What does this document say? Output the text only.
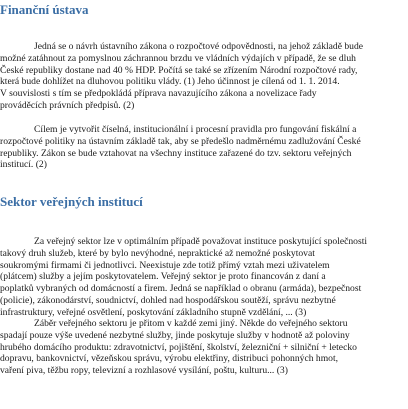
Finanční ústava
Jedná se o návrh ústavního zákona o rozpočtové odpovědnosti, na jehož základě bude
možné zatáhnout za pomyslnou záchrannou brzdu ve vládních výdajích v případě, že se dluh
České republiky dostane nad 40 % HDP. Počítá se také se zřízením Národní rozpočtové rady,
která bude dohlížet na dluhovou politiku vlády. (1) Jeho účinnost je cílená od 1. 1. 2014.
V souvislosti s tím se předpokládá příprava navazujícího zákona a novelizace řady
prováděcích právních předpisů. (2)
Cílem je vytvořit číselná, institucionální i procesní pravidla pro fungování fiskální a
rozpočtové politiky na ústavním základě tak, aby se předešlo nadměrnému zadlužování České
republiky. Zákon se bude vztahovat na všechny instituce zařazené do tzv. sektoru veřejných
institucí. (2)
Sektor veřejných institucí
Za veřejný sektor lze v optimálním případě považovat instituce poskytující společnosti
takový druh služeb, které by bylo nevýhodné, nepraktické až nemožné poskytovat
soukromými firmami či jednotlivci. Neexistuje zde totiž přímý vztah mezi uživatelem
(plátcem) služby a jejím poskytovatelem. Veřejný sektor je proto financován z daní a
poplatků vybraných od domácností a firem. Jedná se například o obranu (armáda), bezpečnost
(policie), zákonodárství, soudnictví, dohled nad hospodářskou soutěží, správu nezbytné
infrastruktury, veřejné osvětlení, poskytování základního stupně vzdělání, ... (3)
Záběr veřejného sektoru je přitom v každé zemi jiný. Někde do veřejného sektoru
spadají pouze výše uvedené nezbytné služby, jinde poskytuje služby v hodnotě až poloviny
hrubého domácího produktu: zdravotnictví, pojištění, školství, železniční + silniční + letecko
dopravu, bankovnictví, vězeňskou správu, výrobu elektřiny, distribuci pohonných hmot,
vaření piva, těžbu ropy, televizní a rozhlasové vysílání, poštu, kulturu... (3)
